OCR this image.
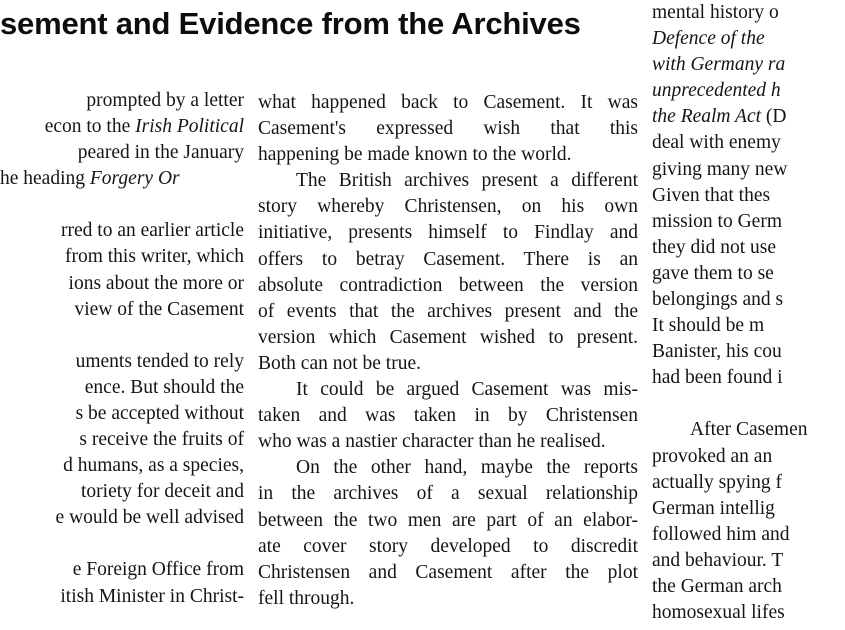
sement and Evidence from the Archives
prompted by a letter
econ to the Irish Political
peared in the January
he heading Forgery Or
rred to an earlier article
from this writer, which
ions about the more or
view of the Casement
uments tended to rely
ence. But should the
s be accepted without
s receive the fruits of
d humans, as a species,
toriety for deceit and
e would be well advised
e Foreign Office from
itish Minister in Christ-
what happened back to Casement. It was
Casement's expressed wish that this
happening be made known to the world.
The British archives present a different
story whereby Christensen, on his own
initiative, presents himself to Findlay and
offers to betray Casement. There is an
absolute contradiction between the version
of events that the archives present and the
version which Casement wished to present.
Both can not be true.
It could be argued Casement was mis-
taken and was taken in by Christensen
who was a nastier character than he realised.
On the other hand, maybe the reports
in the archives of a sexual relationship
between the two men are part of an elabor-
ate cover story developed to discredit
Christensen and Casement after the plot
fell through.
mental history o
Defence of the
with Germany ra
unprecedented h
the Realm Act (D
deal with enemy
giving many new
Given that thes
mission to Germ
they did not use
gave them to se
belongings and s
It should be m
Banister, his cou
had been found i
After Casemen
provoked an an
actually spying f
German intellig
followed him and
and behaviour. T
the German arch
homosexual lifes
